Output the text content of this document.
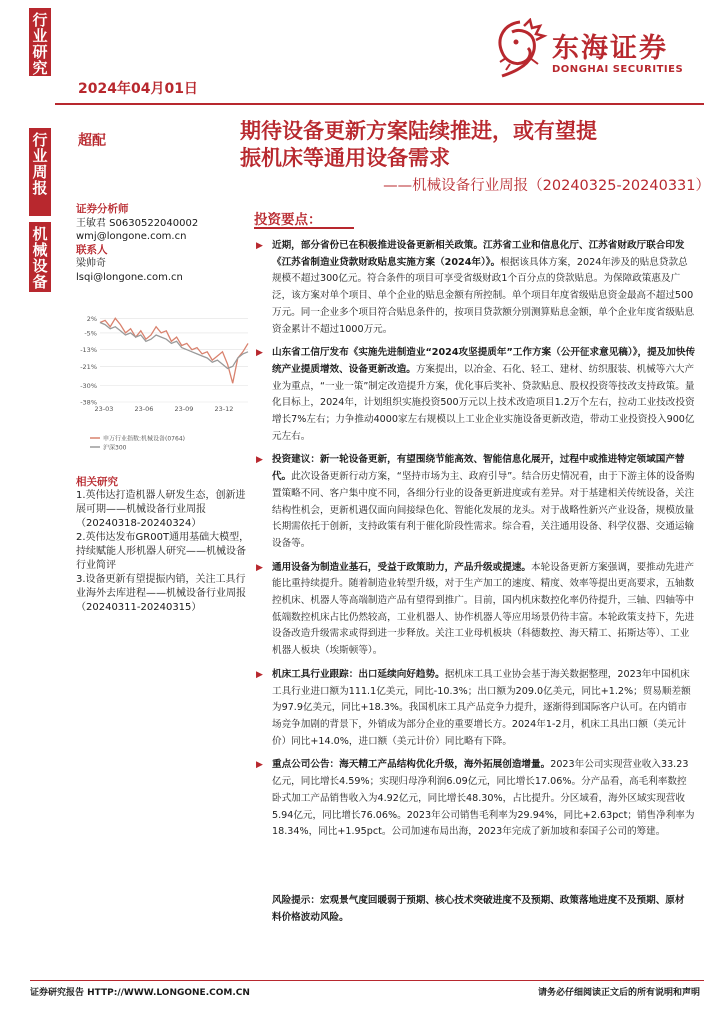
行业研究
行业周报
机械设备
2024年04月01日
东海证券
DONGHAI SECURITIES
超配	期待设备更新方案陆续推进，或有望提
振机床等通用设备需求
——机械设备行业周报（20240325-20240331）
证券分析师
王敏君 S0630522040002
wmj@longone.com.cn
联系人
梁帅奇
lsqi@longone.com.cn
2%
-5%
-13%
-21%
-30%
-38%
23-03	23-06	23-09	23-12
申万行业指数:机械设备(0764)
沪深300
相关研究

1.英伟达打造机器人研发生态，创新进展可期——机械设备行业周报（20240318-20240324）

2.英伟达发布GR00T通用基础大模型，持续赋能人形机器人研究——机械设备行业简评

3.设备更新有望提振内销，关注工具行业海外去库进程——机械设备行业周报（20240311-20240315）

投资要点：

▶ 近期，部分省份已在积极推进设备更新相关政策。江苏省工业和信息化厅、江苏省财政厅联合印发《江苏省制造业贷款财政贴息实施方案（2024年）》。根据该具体方案，2024年涉及的贴息贷款总规模不超过300亿元。符合条件的项目可享受省级财政1个百分点的贷款贴息。为保障政策惠及广泛，该方案对单个项目、单个企业的贴息金额有所控制。单个项目年度省级贴息资金最高不超过500万元。同一企业多个项目符合贴息条件的，按项目贷款额分别测算贴息金额，单个企业年度省级贴息资金累计不超过1000万元。

▶ 山东省工信厅发布《实施先进制造业“2024攻坚提质年”工作方案（公开征求意见稿）》，提及加快传统产业提质增效、设备更新改造。方案提出，以冶金、石化、轻工、建材、纺织服装、机械等六大产业为重点，“一业一策”制定改造提升方案，优化事后奖补、贷款贴息、股权投资等技改支持政策。量化目标上，2024年，计划组织实施投资500万元以上技术改造项目1.2万个左右，拉动工业技改投资增长7%左右；力争推动4000家左右规模以上工业企业实施设备更新改造，带动工业投资投入900亿元左右。

▶ 投资建议：新一轮设备更新，有望围绕节能高效、智能信息化展开，过程中或推进特定领域国产替代。此次设备更新行动方案，“坚持市场为主、政府引导”。结合历史情况看，由于下游主体的设备购置策略不同、客户集中度不同，各细分行业的设备更新进度或有差异。对于基建相关传统设备，关注结构性机会，更新机遇仅面向间接绿色化、智能化发展的龙头。对于战略性新兴产业设备，规模放量长期需依托于创新，支持政策有利于催化阶段性需求。综合看，关注通用设备、科学仪器、交通运输设备等。

▶ 通用设备为制造业基石，受益于政策助力，产品升级或提速。本轮设备更新方案强调，要推动先进产能比重持续提升。随着制造业转型升级，对于生产加工的速度、精度、效率等提出更高要求，五轴数控机床、机器人等高端制造产品有望得到推广。目前，国内机床数控化率仍待提升，三轴、四轴等中低端数控机床占比仍然较高，工业机器人、协作机器人等应用场景仍待丰富。本轮政策支持下，先进设备改造升级需求或得到进一步释放。关注工业母机板块（科德数控、海天精工、拓斯达等）、工业机器人板块（埃斯顿等）。

▶ 机床工具行业跟踪：出口延续向好趋势。据机床工具工业协会基于海关数据整理，2023年中国机床工具行业进口额为111.1亿美元，同比-10.3%；出口额为209.0亿美元，同比+1.2%；贸易顺差额为97.9亿美元，同比+18.3%。我国机床工具产品竞争力提升，逐渐得到国际客户认可。在内销市场竞争加剧的背景下，外销成为部分企业的重要增长方。2024年1-2月，机床工具出口额（美元计价）同比+14.0%，进口额（美元计价）同比略有下降。

▶ 重点公司公告：海天精工产品结构优化升级，海外拓展创造增量。2023年公司实现营业收入33.23亿元，同比增长4.59%；实现归母净利润6.09亿元，同比增长17.06%。分产品看，高毛利率数控卧式加工产品销售收入为4.92亿元，同比增长48.30%，占比提升。分区域看，海外区域实现营收5.94亿元，同比增长76.06%。2023年公司销售毛利率为29.94%，同比+2.63pct；销售净利率为18.34%，同比+1.95pct。公司加速布局出海，2023年完成了新加坡和泰国子公司的筹建。

风险提示：宏观景气度回暖弱于预期、核心技术突破进度不及预期、政策落地进度不及预期、原材料价格波动风险。
证券研究报告 HTTP://WWW.LONGONE.COM.CN	请务必仔细阅读正文后的所有说明和声明
